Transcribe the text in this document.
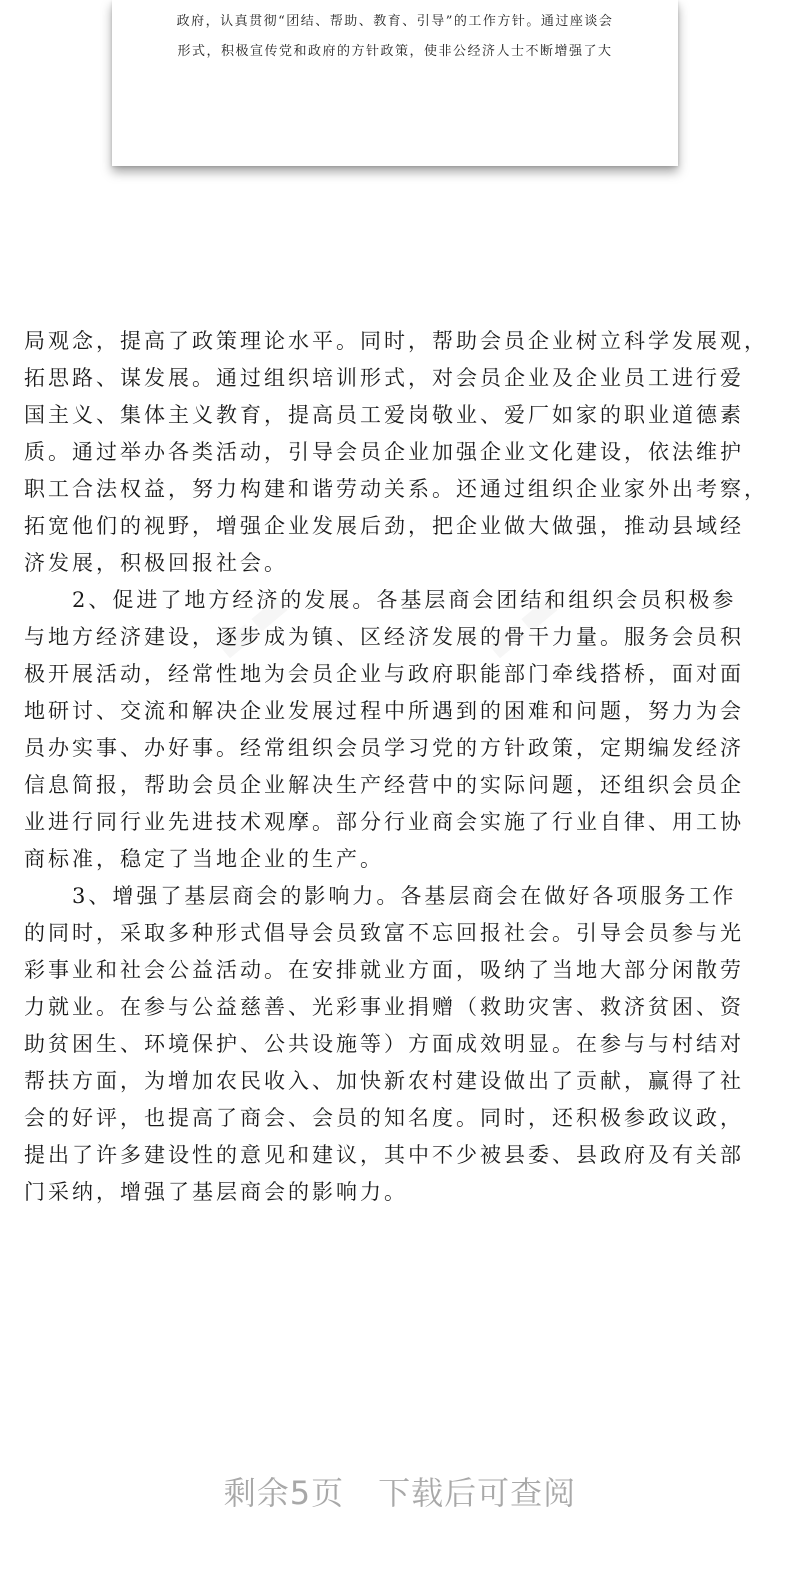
政府，认真贯彻“团结、帮助、教育、引导”的工作方针。通过座谈会
形式，积极宣传党和政府的方针政策，使非公经济人士不断增强了大
▬▬	▬▬
局观念，提高了政策理论水平。同时，帮助会员企业树立科学发展观，
拓思路、谋发展。通过组织培训形式，对会员企业及企业员工进行爱
国主义、集体主义教育，提高员工爱岗敬业、爱厂如家的职业道德素
质。通过举办各类活动，引导会员企业加强企业文化建设，依法维护
职工合法权益，努力构建和谐劳动关系。还通过组织企业家外出考察，
拓宽他们的视野，增强企业发展后劲，把企业做大做强，推动县域经
济发展，积极回报社会。
　　2、促进了地方经济的发展。各基层商会团结和组织会员积极参
与地方经济建设，逐步成为镇、区经济发展的骨干力量。服务会员积
极开展活动，经常性地为会员企业与政府职能部门牵线搭桥，面对面
地研讨、交流和解决企业发展过程中所遇到的困难和问题，努力为会
员办实事、办好事。经常组织会员学习党的方针政策，定期编发经济
信息简报，帮助会员企业解决生产经营中的实际问题，还组织会员企
业进行同行业先进技术观摩。部分行业商会实施了行业自律、用工协
商标准，稳定了当地企业的生产。
　　3、增强了基层商会的影响力。各基层商会在做好各项服务工作
的同时，采取多种形式倡导会员致富不忘回报社会。引导会员参与光
彩事业和社会公益活动。在安排就业方面，吸纳了当地大部分闲散劳
力就业。在参与公益慈善、光彩事业捐赠（救助灾害、救济贫困、资
助贫困生、环境保护、公共设施等）方面成效明显。在参与与村结对
帮扶方面，为增加农民收入、加快新农村建设做出了贡献，赢得了社
会的好评，也提高了商会、会员的知名度。同时，还积极参政议政，
提出了许多建设性的意见和建议，其中不少被县委、县政府及有关部
门采纳，增强了基层商会的影响力。
剩余5页 下载后可查阅
